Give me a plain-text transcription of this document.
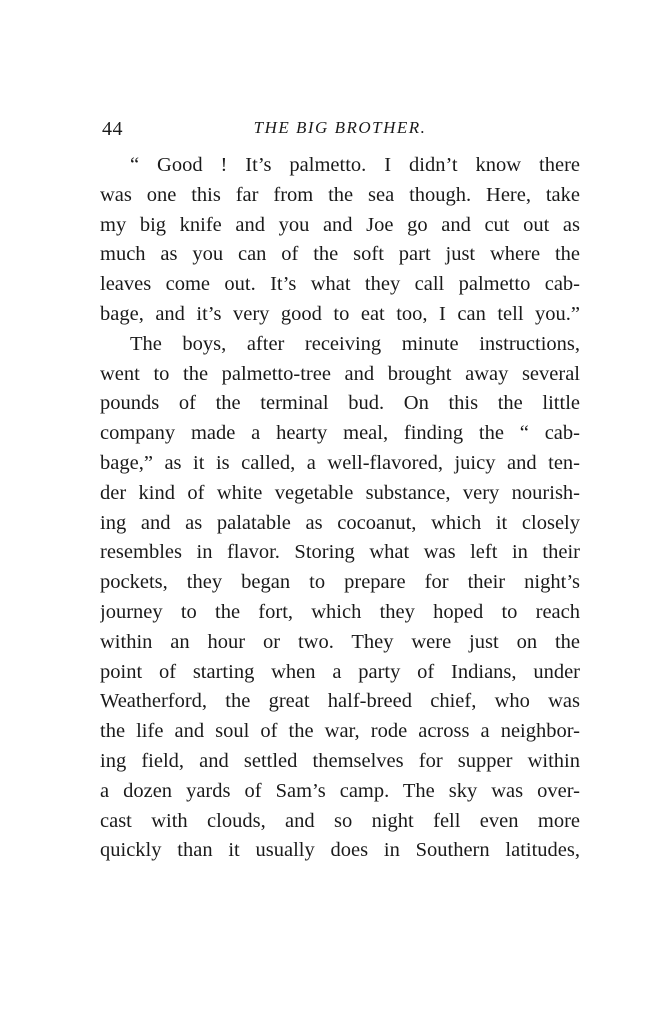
44	THE BIG BROTHER.
“ Good ! It’s palmetto. I didn’t know there
was one this far from the sea though. Here, take
my big knife and you and Joe go and cut out as
much as you can of the soft part just where the
leaves come out. It’s what they call palmetto cab-
bage, and it’s very good to eat too, I can tell you.”
The boys, after receiving minute instructions,
went to the palmetto-tree and brought away several
pounds of the terminal bud. On this the little
company made a hearty meal, finding the “ cab-
bage,” as it is called, a well-flavored, juicy and ten-
der kind of white vegetable substance, very nourish-
ing and as palatable as cocoanut, which it closely
resembles in flavor. Storing what was left in their
pockets, they began to prepare for their night’s
journey to the fort, which they hoped to reach
within an hour or two. They were just on the
point of starting when a party of Indians, under
Weatherford, the great half-breed chief, who was
the life and soul of the war, rode across a neighbor-
ing field, and settled themselves for supper within
a dozen yards of Sam’s camp. The sky was over-
cast with clouds, and so night fell even more
quickly than it usually does in Southern latitudes,
